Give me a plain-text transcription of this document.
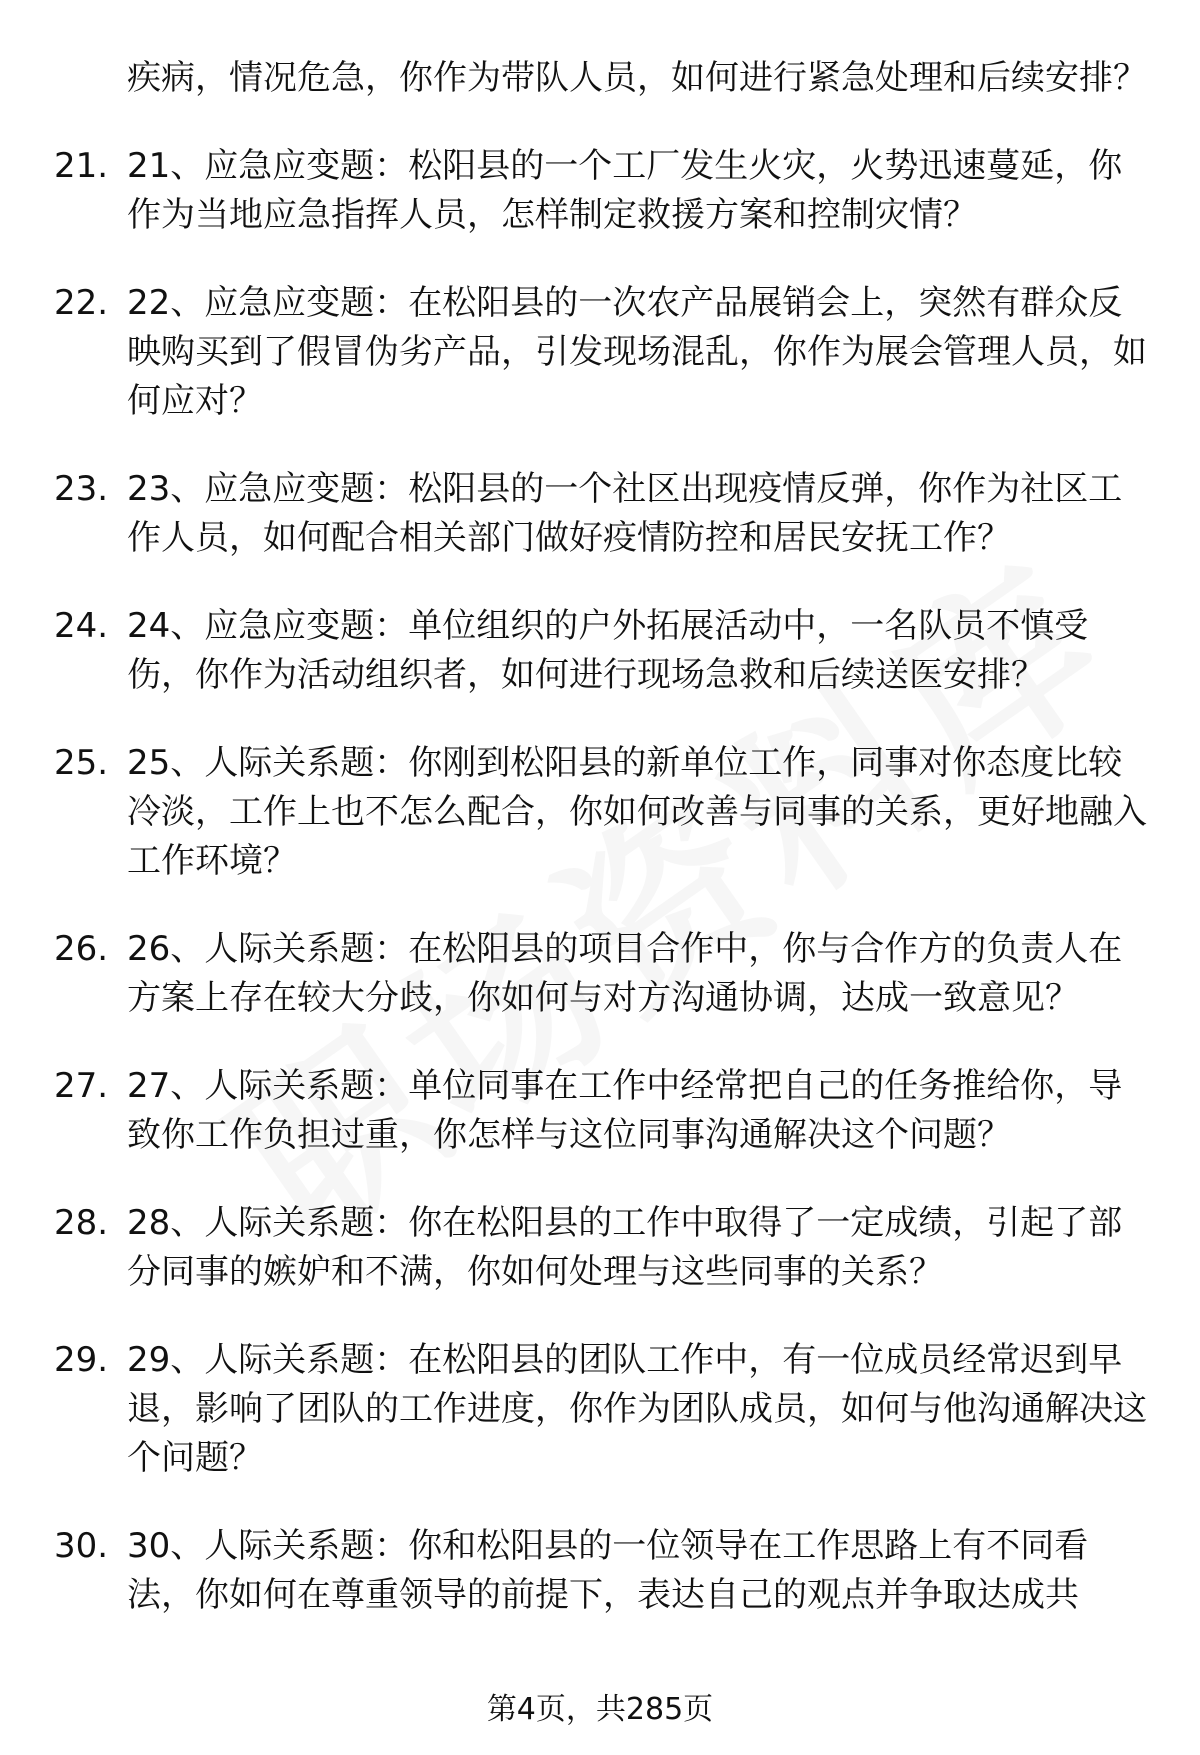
疾病，情况危急，你作为带队人员，如何进行紧急处理和后续安排？

21. 21、应急应变题：松阳县的一个工厂发生火灾，火势迅速蔓延，你作为当地应急指挥人员，怎样制定救援方案和控制灾情？

22. 22、应急应变题：在松阳县的一次农产品展销会上，突然有群众反映购买到了假冒伪劣产品，引发现场混乱，你作为展会管理人员，如何应对？

23. 23、应急应变题：松阳县的一个社区出现疫情反弹，你作为社区工作人员，如何配合相关部门做好疫情防控和居民安抚工作？

24. 24、应急应变题：单位组织的户外拓展活动中，一名队员不慎受伤，你作为活动组织者，如何进行现场急救和后续送医安排？

25. 25、人际关系题：你刚到松阳县的新单位工作，同事对你态度比较冷淡，工作上也不怎么配合，你如何改善与同事的关系，更好地融入工作环境？

26. 26、人际关系题：在松阳县的项目合作中，你与合作方的负责人在方案上存在较大分歧，你如何与对方沟通协调，达成一致意见？

27. 27、人际关系题：单位同事在工作中经常把自己的任务推给你，导致你工作负担过重，你怎样与这位同事沟通解决这个问题？

28. 28、人际关系题：你在松阳县的工作中取得了一定成绩，引起了部分同事的嫉妒和不满，你如何处理与这些同事的关系？

29. 29、人际关系题：在松阳县的团队工作中，有一位成员经常迟到早退，影响了团队的工作进度，你作为团队成员，如何与他沟通解决这个问题？

30. 30、人际关系题：你和松阳县的一位领导在工作思路上有不同看法，你如何在尊重领导的前提下，表达自己的观点并争取达成共

第4页，共285页
